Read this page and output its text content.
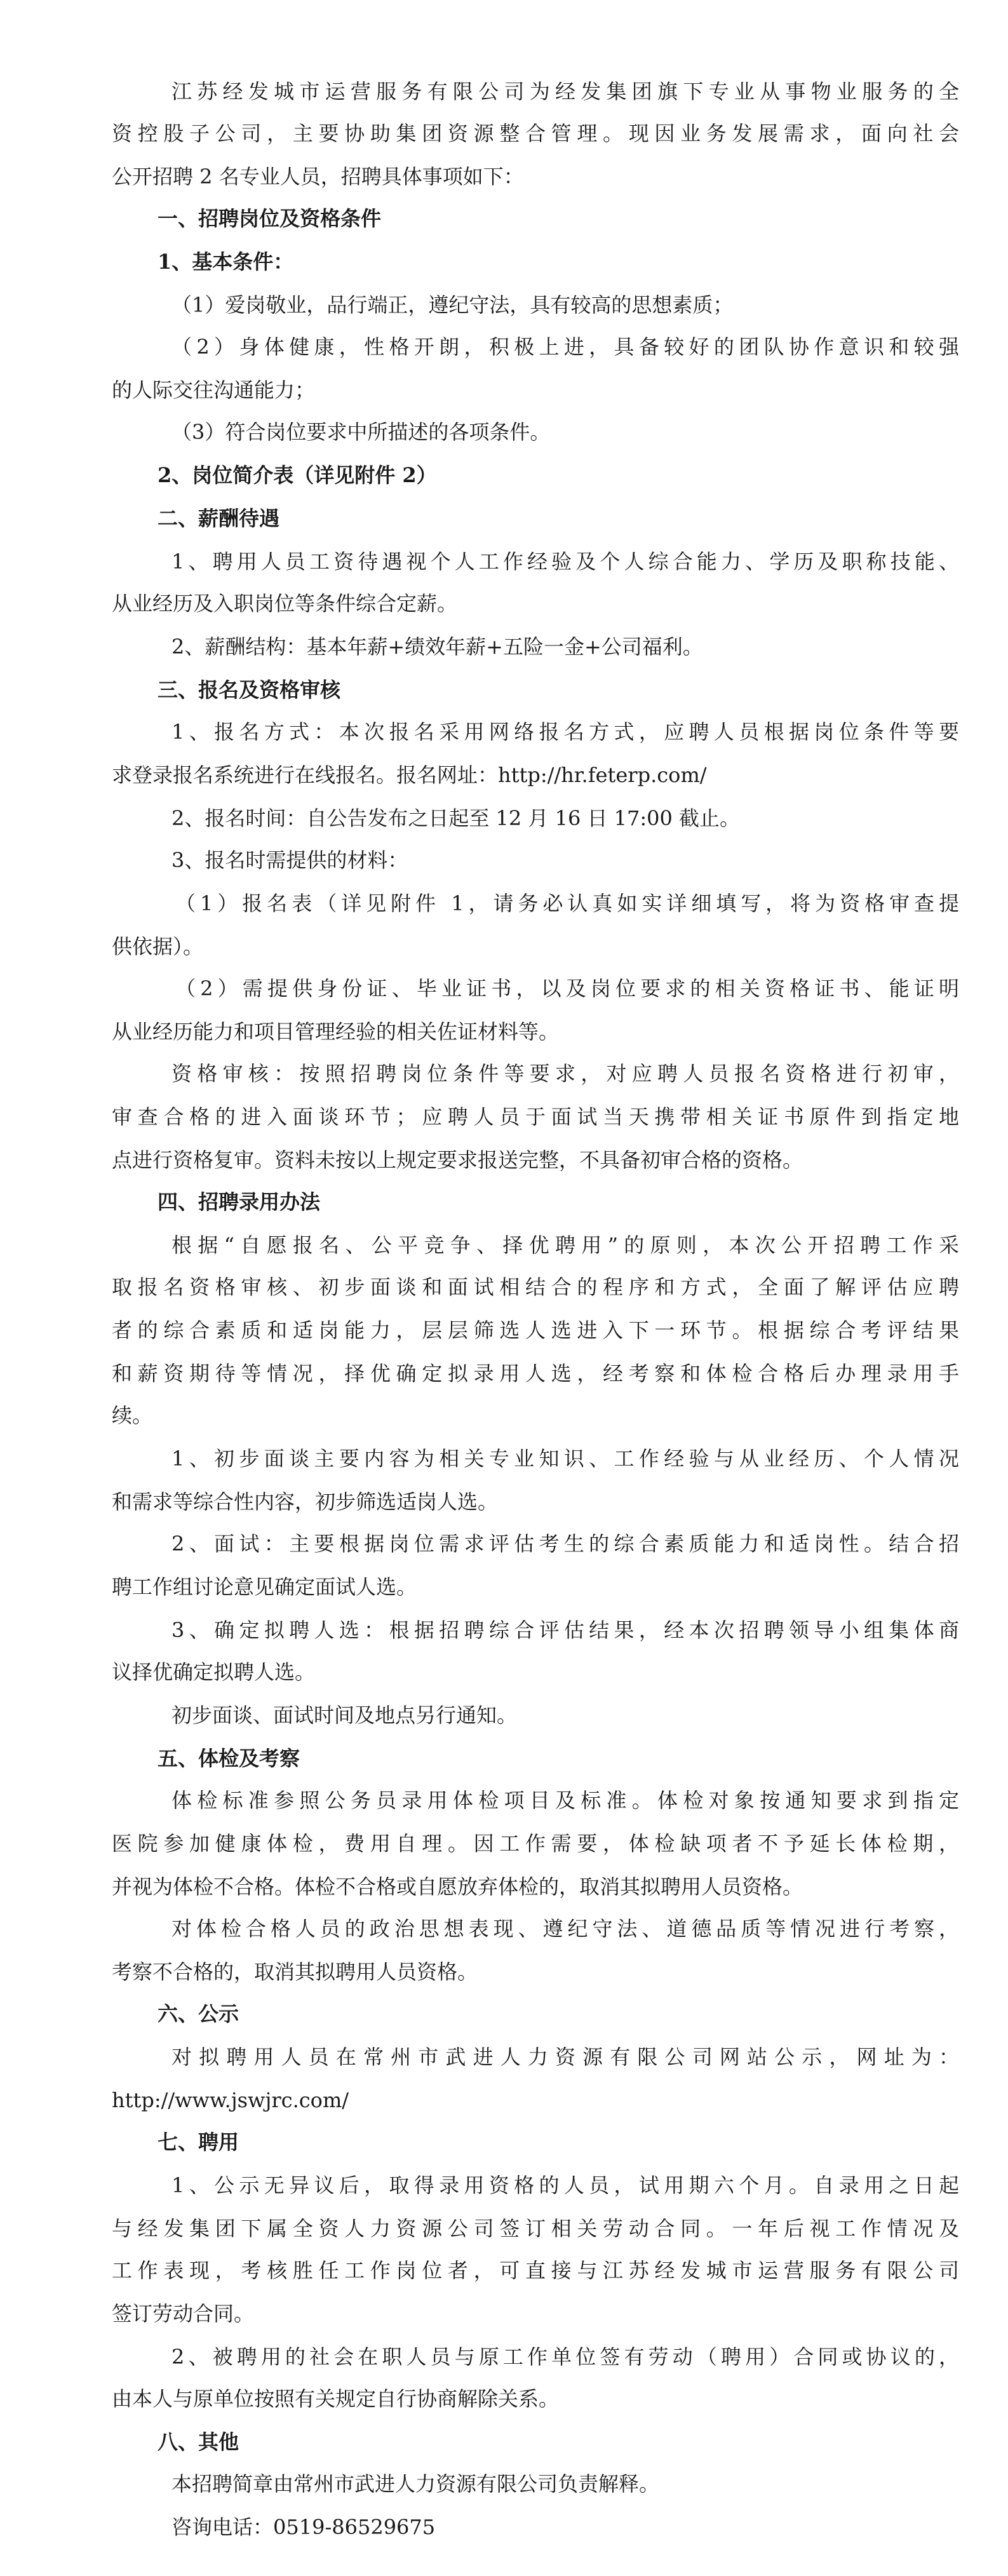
江苏经发城市运营服务有限公司为经发集团旗下专业从事物业服务的全
资控股子公司，主要协助集团资源整合管理。现因业务发展需求，面向社会
公开招聘 2 名专业人员，招聘具体事项如下：
一、招聘岗位及资格条件
1、基本条件：
（1）爱岗敬业，品行端正，遵纪守法，具有较高的思想素质；
（2）身体健康，性格开朗，积极上进，具备较好的团队协作意识和较强
的人际交往沟通能力；
（3）符合岗位要求中所描述的各项条件。
2、岗位简介表（详见附件 2）
二、薪酬待遇
1、聘用人员工资待遇视个人工作经验及个人综合能力、学历及职称技能、
从业经历及入职岗位等条件综合定薪。
2、薪酬结构：基本年薪+绩效年薪+五险一金+公司福利。
三、报名及资格审核
1、报名方式：本次报名采用网络报名方式，应聘人员根据岗位条件等要
求登录报名系统进行在线报名。报名网址：http://hr.feterp.com/
2、报名时间：自公告发布之日起至 12 月 16 日 17:00 截止。
3、报名时需提供的材料：
（1）报名表（详见附件 1，请务必认真如实详细填写，将为资格审查提
供依据）。
（2）需提供身份证、毕业证书，以及岗位要求的相关资格证书、能证明
从业经历能力和项目管理经验的相关佐证材料等。
资格审核：按照招聘岗位条件等要求，对应聘人员报名资格进行初审，
审查合格的进入面谈环节；应聘人员于面试当天携带相关证书原件到指定地
点进行资格复审。资料未按以上规定要求报送完整，不具备初审合格的资格。
四、招聘录用办法
根据“自愿报名、公平竞争、择优聘用”的原则，本次公开招聘工作采
取报名资格审核、初步面谈和面试相结合的程序和方式，全面了解评估应聘
者的综合素质和适岗能力，层层筛选人选进入下一环节。根据综合考评结果
和薪资期待等情况，择优确定拟录用人选，经考察和体检合格后办理录用手
续。
1、初步面谈主要内容为相关专业知识、工作经验与从业经历、个人情况
和需求等综合性内容，初步筛选适岗人选。
2、面试：主要根据岗位需求评估考生的综合素质能力和适岗性。结合招
聘工作组讨论意见确定面试人选。
3、确定拟聘人选：根据招聘综合评估结果，经本次招聘领导小组集体商
议择优确定拟聘人选。
初步面谈、面试时间及地点另行通知。
五、体检及考察
体检标准参照公务员录用体检项目及标准。体检对象按通知要求到指定
医院参加健康体检，费用自理。因工作需要，体检缺项者不予延长体检期，
并视为体检不合格。体检不合格或自愿放弃体检的，取消其拟聘用人员资格。
对体检合格人员的政治思想表现、遵纪守法、道德品质等情况进行考察，
考察不合格的，取消其拟聘用人员资格。
六、公示
对拟聘用人员在常州市武进人力资源有限公司网站公示，网址为：
http://www.jswjrc.com/
七、聘用
1、公示无异议后，取得录用资格的人员，试用期六个月。自录用之日起
与经发集团下属全资人力资源公司签订相关劳动合同。一年后视工作情况及
工作表现，考核胜任工作岗位者，可直接与江苏经发城市运营服务有限公司
签订劳动合同。
2、被聘用的社会在职人员与原工作单位签有劳动（聘用）合同或协议的，
由本人与原单位按照有关规定自行协商解除关系。
八、其他
本招聘简章由常州市武进人力资源有限公司负责解释。
咨询电话：0519-86529675
